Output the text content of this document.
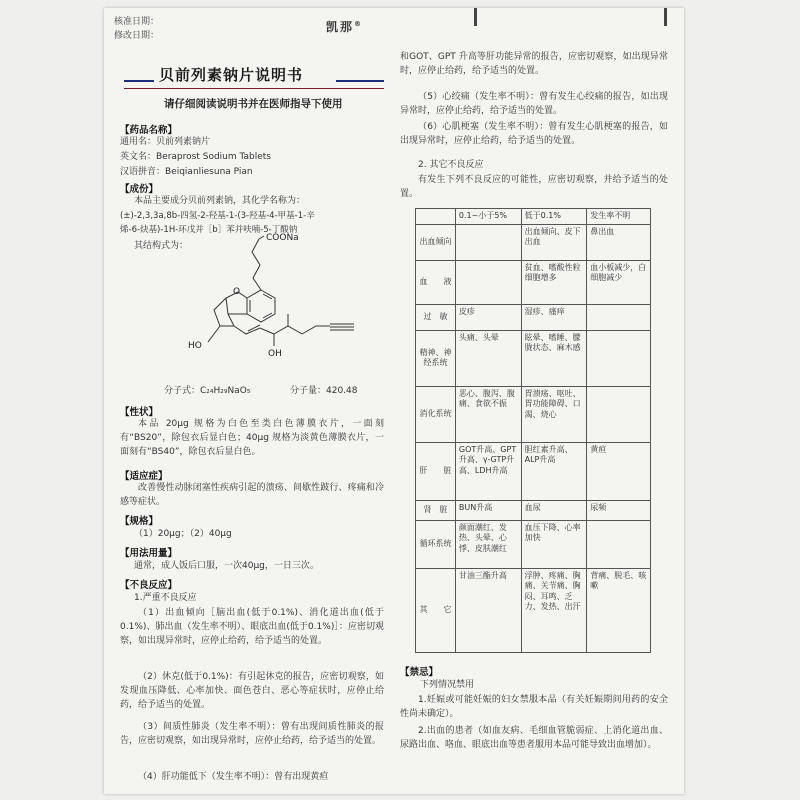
核准日期：
修改日期：
凯那®
贝前列素钠片说明书
请仔细阅读说明书并在医师指导下使用
【药品名称】
通用名：贝前列素钠片
英文名：Beraprost Sodium Tablets
汉语拼音：Beiqianliesuna Pian
【成份】
本品主要成分贝前列素钠，其化学名称为：
(±)-2,3,3a,8b-四氢-2-羟基-1-(3-羟基-4-甲基-1-辛
烯-6-炔基)-1H-环戊并［b］苯并呋喃-5-丁酸钠
其结构式为：
COONa
O
HO
OH
分子式：C₂₄H₂₉NaO₅	分子量：420.48
【性状】
本品 20μg 规格为白色至类白色薄膜衣片，一面刻有“BS20”，除包衣后显白色；40μg 规格为淡黄色薄膜衣片，一面刻有“BS40”，除包衣后显白色。
【适应症】
改善慢性动脉闭塞性疾病引起的溃疡、间歇性跛行、疼痛和冷感等症状。
【规格】
（1）20μg；（2）40μg
【用法用量】
通常，成人饭后口服，一次40μg，一日三次。
【不良反应】
1.严重不良反应
（1）出血倾向［脑出血(低于0.1%)、消化道出血(低于0.1%)、肺出血（发生率不明）、眼底出血(低于0.1%)］：应密切观察，如出现异常时，应停止给药，给予适当的处置。
（2）休克(低于0.1%)：有引起休克的报告，应密切观察，如发现血压降低、心率加快、面色苍白、恶心等症状时，应停止给药，给予适当的处置。
（3）间质性肺炎（发生率不明）：曾有出现间质性肺炎的报告，应密切观察，如出现异常时，应停止给药，给予适当的处置。
（4）肝功能低下（发生率不明）：曾有出现黄疸
和GOT、GPT 升高等肝功能异常的报告，应密切观察，如出现异常时，应停止给药，给予适当的处置。
（5）心绞痛（发生率不明）：曾有发生心绞痛的报告，如出现异常时，应停止给药，给予适当的处置。
（6）心肌梗塞（发生率不明）：曾有发生心肌梗塞的报告，如出现异常时，应停止给药，给予适当的处置。
2. 其它不良反应
有发生下列不良反应的可能性，应密切观察，并给予适当的处置。
	0.1~小于5%	低于0.1%	发生率不明
出血倾向		出血倾向、皮下出血	鼻出血
血　　液		贫血、嗜酸性粒细胞增多	血小板减少，白细胞减少
过　敏	皮疹	湿疹、瘙痒	
精神、神经系统	头痛、头晕	眩晕、嗜睡、朦胧状态、麻木感	
消化系统	恶心、腹泻、腹痛、食欲不振	胃溃疡、呕吐、胃功能障碍、口渴、烧心	
肝　　脏	GOT升高、GPT升高、γ-GTP升高、LDH升高	胆红素升高、ALP升高	黄疸
肾　脏	BUN升高	血尿	尿频
循环系统	颜面潮红、发热、头晕、心悸、皮肤潮红	血压下降、心率加快	
其　　它	甘油三酯升高	浮肿、疼痛、胸痛、关节痛、胸闷、耳鸣、乏力、发热、出汗	背痛、脱毛、咳嗽
【禁忌】
下列情况禁用
1.妊娠或可能妊娠的妇女禁服本品（有关妊娠期间用药的安全性尚未确定）。
2.出血的患者（如血友病、毛细血管脆弱症、上消化道出血、尿路出血、咯血、眼底出血等患者服用本品可能导致出血增加）。
